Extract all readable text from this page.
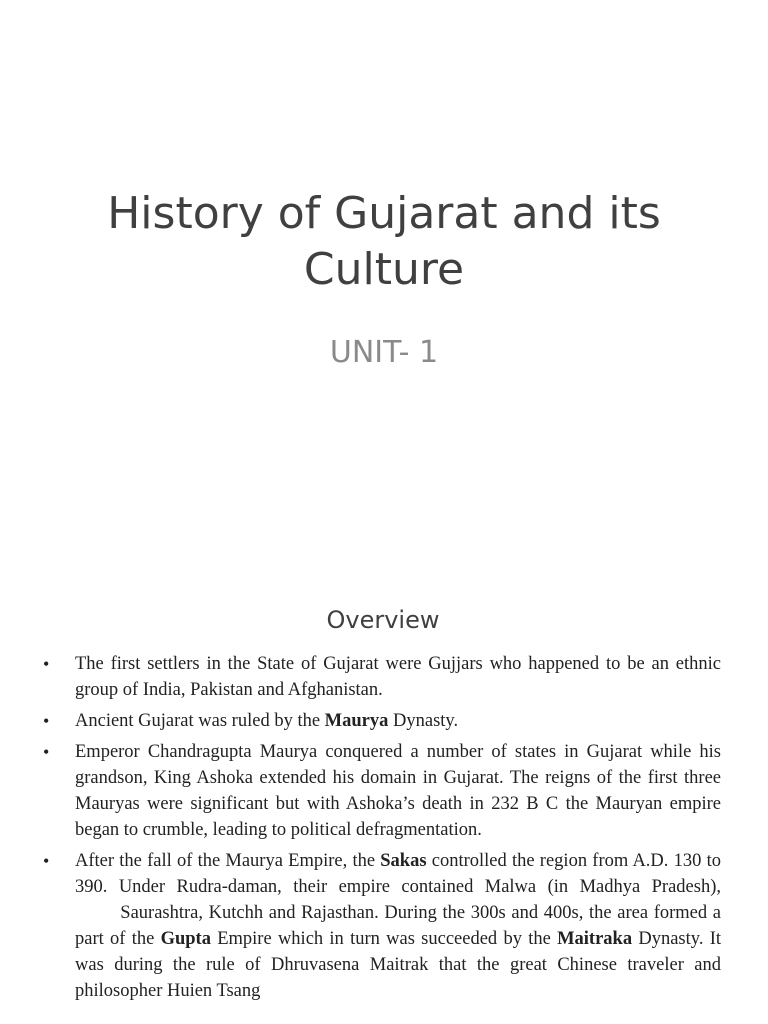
History of Gujarat and its Culture
UNIT- 1
Overview
• The first settlers in the State of Gujarat were Gujjars who happened to be an ethnic group of India, Pakistan and Afghanistan.
• Ancient Gujarat was ruled by the Maurya Dynasty.
• Emperor Chandragupta Maurya conquered a number of states in Gujarat while his grandson, King Ashoka extended his domain in Gujarat. The reigns of the first three Mauryas were significant but with Ashoka’s death in 232 B C the Mauryan empire began to crumble, leading to political defragmentation.
• After the fall of the Maurya Empire, the Sakas controlled the region from A.D. 130 to 390. Under Rudra-daman, their empire contained Malwa (in Madhya Pradesh),         Saurashtra, Kutchh and Rajasthan. During the 300s and 400s, the area formed a part of the Gupta Empire which in turn was succeeded by the Maitraka Dynasty. It was during the rule of Dhruvasena Maitrak that the great Chinese traveler and philosopher Huien Tsang
